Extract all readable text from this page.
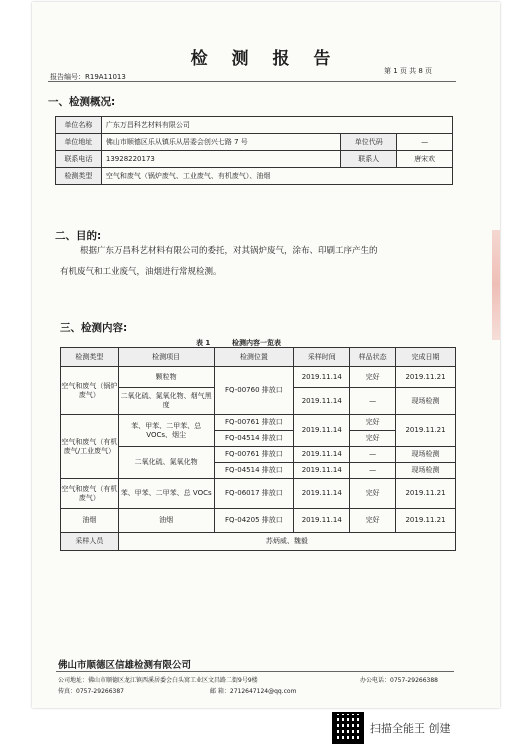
检 测 报 告
报告编号：R19A11013
第 1 页 共 8 页
一、检测概况:
单位名称	广东万昌科艺材料有限公司		
单位地址	佛山市顺德区乐从镇乐从居委会创兴七路 7 号	单位代码	—
联系电话	13928220173	联系人	唐宋欢
检测类型	空气和废气（锅炉废气、工业废气、有机废气）、油烟		
二、目的:
根据广东万昌科艺材料有限公司的委托，对其锅炉废气，涂布、印刷工序产生的
有机废气和工业废气，油烟进行常规检测。
三、检测内容:
表 1	检测内容一览表
检测类型	检测项目	检测位置	采样时间	样品状态	完成日期
空气和废气（锅炉废气）	颗粒物	FQ-00760 排放口	2019.11.14	完好	2019.11.21
	二氧化硫、氮氧化物、烟气黑度		2019.11.14	—	现场检测
空气和废气（有机废气/工业废气）	苯、甲苯、二甲苯、总 VOCs、烟尘	FQ-00761 排放口	2019.11.14	完好	2019.11.21
		FQ-04514 排放口		完好	
	二氧化硫、氮氧化物	FQ-00761 排放口	2019.11.14	—	现场检测
		FQ-04514 排放口	2019.11.14	—	现场检测
空气和废气（有机废气）	苯、甲苯、二甲苯、总 VOCs	FQ-06017 排放口	2019.11.14	完好	2019.11.21
油烟	油烟	FQ-04205 排放口	2019.11.14	完好	2019.11.21
采样人员	苏炳威、魏毅				
佛山市顺德区信雄检测有限公司
公司地址：佛山市顺德区龙江镇西溪居委会白头窝工业区文昌路二街9号9楼	办公电话：0757-29266388
传真：0757-29266387	邮 箱：2712647124@qq.com
扫描全能王 创建
